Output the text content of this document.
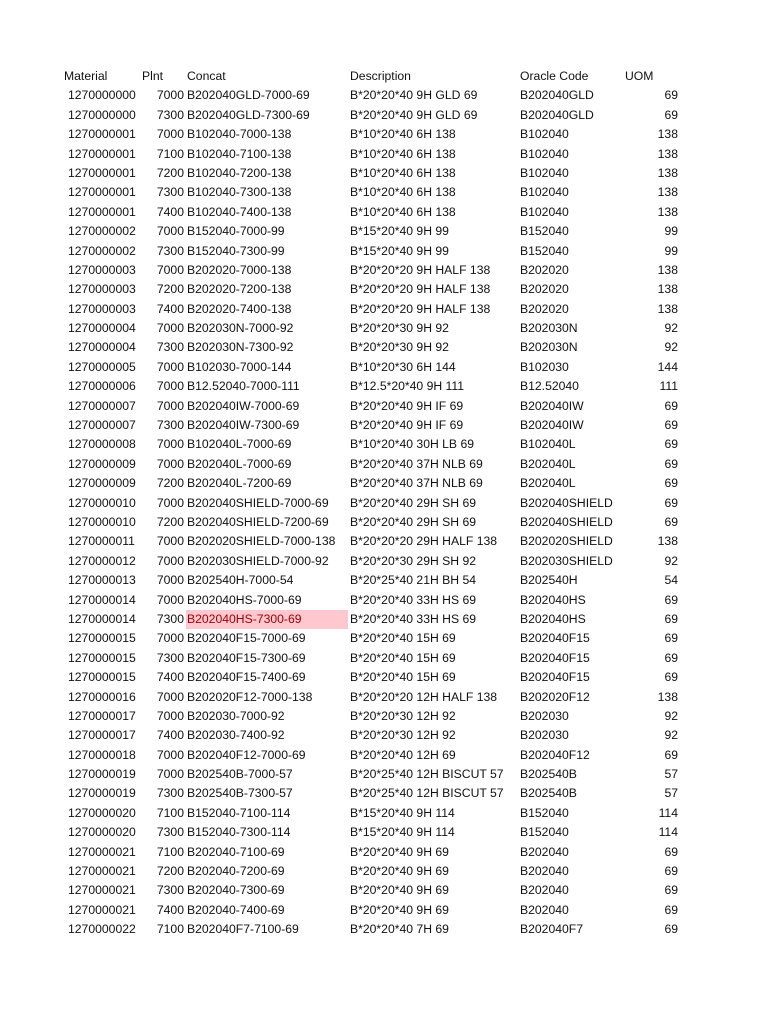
Material	Plnt	Concat	Description	Oracle Code	UOM
1270000000	7000 B202040GLD-7000-69	B*20*20*40 9H GLD 69	B202040GLD	69
1270000000	7300 B202040GLD-7300-69	B*20*20*40 9H GLD 69	B202040GLD	69
1270000001	7000 B102040-7000-138	B*10*20*40 6H 138	B102040	138
1270000001	7100 B102040-7100-138	B*10*20*40 6H 138	B102040	138
1270000001	7200 B102040-7200-138	B*10*20*40 6H 138	B102040	138
1270000001	7300 B102040-7300-138	B*10*20*40 6H 138	B102040	138
1270000001	7400 B102040-7400-138	B*10*20*40 6H 138	B102040	138
1270000002	7000 B152040-7000-99	B*15*20*40 9H 99	B152040	99
1270000002	7300 B152040-7300-99	B*15*20*40 9H 99	B152040	99
1270000003	7000 B202020-7000-138	B*20*20*20 9H HALF 138	B202020	138
1270000003	7200 B202020-7200-138	B*20*20*20 9H HALF 138	B202020	138
1270000003	7400 B202020-7400-138	B*20*20*20 9H HALF 138	B202020	138
1270000004	7000 B202030N-7000-92	B*20*20*30 9H 92	B202030N	92
1270000004	7300 B202030N-7300-92	B*20*20*30 9H 92	B202030N	92
1270000005	7000 B102030-7000-144	B*10*20*30 6H 144	B102030	144
1270000006	7000 B12.52040-7000-111	B*12.5*20*40 9H 111	B12.52040	111
1270000007	7000 B202040IW-7000-69	B*20*20*40 9H IF 69	B202040IW	69
1270000007	7300 B202040IW-7300-69	B*20*20*40 9H IF 69	B202040IW	69
1270000008	7000 B102040L-7000-69	B*10*20*40 30H LB 69	B102040L	69
1270000009	7000 B202040L-7000-69	B*20*20*40 37H NLB 69	B202040L	69
1270000009	7200 B202040L-7200-69	B*20*20*40 37H NLB 69	B202040L	69
1270000010	7000 B202040SHIELD-7000-69	B*20*20*40 29H SH 69	B202040SHIELD	69
1270000010	7200 B202040SHIELD-7200-69	B*20*20*40 29H SH 69	B202040SHIELD	69
1270000011	7000 B202020SHIELD-7000-138	B*20*20*20 29H HALF 138	B202020SHIELD	138
1270000012	7000 B202030SHIELD-7000-92	B*20*20*30 29H SH 92	B202030SHIELD	92
1270000013	7000 B202540H-7000-54	B*20*25*40 21H BH 54	B202540H	54
1270000014	7000 B202040HS-7000-69	B*20*20*40 33H HS 69	B202040HS	69
1270000014	7300 B202040HS-7300-69	B*20*20*40 33H HS 69	B202040HS	69
1270000015	7000 B202040F15-7000-69	B*20*20*40 15H 69	B202040F15	69
1270000015	7300 B202040F15-7300-69	B*20*20*40 15H 69	B202040F15	69
1270000015	7400 B202040F15-7400-69	B*20*20*40 15H 69	B202040F15	69
1270000016	7000 B202020F12-7000-138	B*20*20*20 12H HALF 138	B202020F12	138
1270000017	7000 B202030-7000-92	B*20*20*30 12H 92	B202030	92
1270000017	7400 B202030-7400-92	B*20*20*30 12H 92	B202030	92
1270000018	7000 B202040F12-7000-69	B*20*20*40 12H 69	B202040F12	69
1270000019	7000 B202540B-7000-57	B*20*25*40 12H BISCUT 57	B202540B	57
1270000019	7300 B202540B-7300-57	B*20*25*40 12H BISCUT 57	B202540B	57
1270000020	7100 B152040-7100-114	B*15*20*40 9H 114	B152040	114
1270000020	7300 B152040-7300-114	B*15*20*40 9H 114	B152040	114
1270000021	7100 B202040-7100-69	B*20*20*40 9H 69	B202040	69
1270000021	7200 B202040-7200-69	B*20*20*40 9H 69	B202040	69
1270000021	7300 B202040-7300-69	B*20*20*40 9H 69	B202040	69
1270000021	7400 B202040-7400-69	B*20*20*40 9H 69	B202040	69
1270000022	7100 B202040F7-7100-69	B*20*20*40 7H 69	B202040F7	69
